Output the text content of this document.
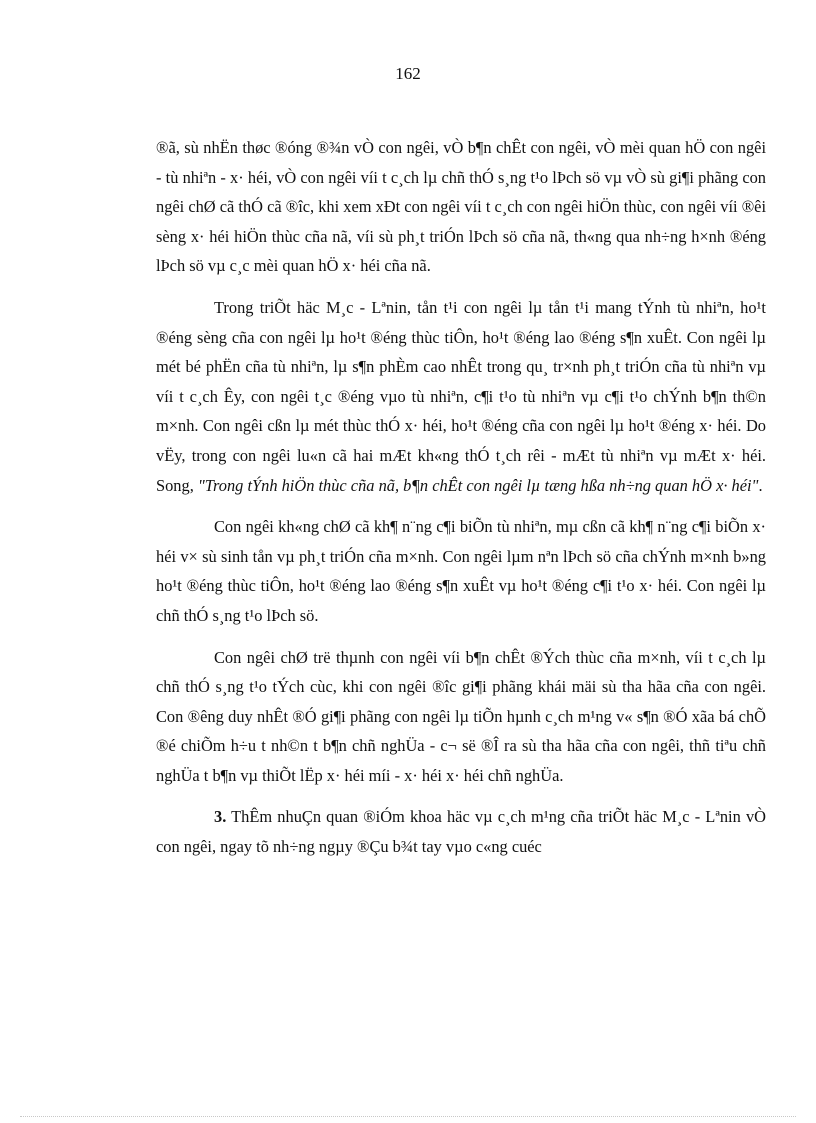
162

®ã, sù nhËn thøc ®óng ®¾n vÒ con ngêi, vÒ b¶n chÊt con ngêi, vÒ mèi quan hÖ con ngêi - tù nhiªn - x· héi, vÒ con ngêi víi t c¸ch lµ chñ thÓ s¸ng t¹o lÞch sö vµ vÒ sù gi¶i phãng con ngêi chØ cã thÓ cã ®îc, khi xem xÐt con ngêi víi t c¸ch con ngêi hiÖn thùc, con ngêi víi ®êi sèng x· héi hiÖn thùc cña nã, víi sù ph¸t triÓn lÞch sö cña nã, th«ng qua nh÷ng h×nh ®éng lÞch sö vµ c¸c mèi quan hÖ x· héi cña nã.

Trong triÕt häc M¸c - Lªnin, tån t¹i con ngêi lµ tån t¹i mang tÝnh tù nhiªn, ho¹t ®éng sèng cña con ngêi lµ ho¹t ®éng thùc tiÔn, ho¹t ®éng lao ®éng s¶n xuÊt. Con ngêi lµ mét bé phËn cña tù nhiªn, lµ s¶n phÈm cao nhÊt trong qu¸ tr×nh ph¸t triÓn cña tù nhiªn vµ víi t c¸ch Êy, con ngêi t¸c ®éng vµo tù nhiªn, c¶i t¹o tù nhiªn vµ c¶i t¹o chÝnh b¶n th©n m×nh. Con ngêi cßn lµ mét thùc thÓ x· héi, ho¹t ®éng cña con ngêi lµ ho¹t ®éng x· héi. Do vËy, trong con ngêi lu«n cã hai mÆt kh«ng thÓ t¸ch rêi - mÆt tù nhiªn vµ mÆt x· héi. Song, "Trong tÝnh hiÖn thùc cña nã, b¶n chÊt con ngêi lµ tæng hßa nh÷ng quan hÖ x· héi".

Con ngêi kh«ng chØ cã kh¶ n¨ng c¶i biÕn tù nhiªn, mµ cßn cã kh¶ n¨ng c¶i biÕn x· héi v× sù sinh tån vµ ph¸t triÓn cña m×nh. Con ngêi lµm nªn lÞch sö cña chÝnh m×nh b»ng ho¹t ®éng thùc tiÔn, ho¹t ®éng lao ®éng s¶n xuÊt vµ ho¹t ®éng c¶i t¹o x· héi. Con ngêi lµ chñ thÓ s¸ng t¹o lÞch sö.

Con ngêi chØ trë thµnh con ngêi víi b¶n chÊt ®Ých thùc cña m×nh, víi t c¸ch lµ chñ thÓ s¸ng t¹o tÝch cùc, khi con ngêi ®îc gi¶i phãng khái mäi sù tha hãa cña con ngêi. Con ®êng duy nhÊt ®Ó gi¶i phãng con ngêi lµ tiÕn hµnh c¸ch m¹ng v« s¶n ®Ó xãa bá chÕ ®é chiÕm h÷u t nh©n t b¶n chñ nghÜa - c¬ së ®Î ra sù tha hãa cña con ngêi, thñ tiªu chñ nghÜa t b¶n vµ thiÕt lËp x· héi míi - x· héi x· héi chñ nghÜa.

3. ThÊm nhuÇn quan ®iÓm khoa häc vµ c¸ch m¹ng cña triÕt häc M¸c - Lªnin vÒ con ngêi, ngay tõ nh÷ng ngµy ®Çu b¾t tay vµo c«ng cuéc
